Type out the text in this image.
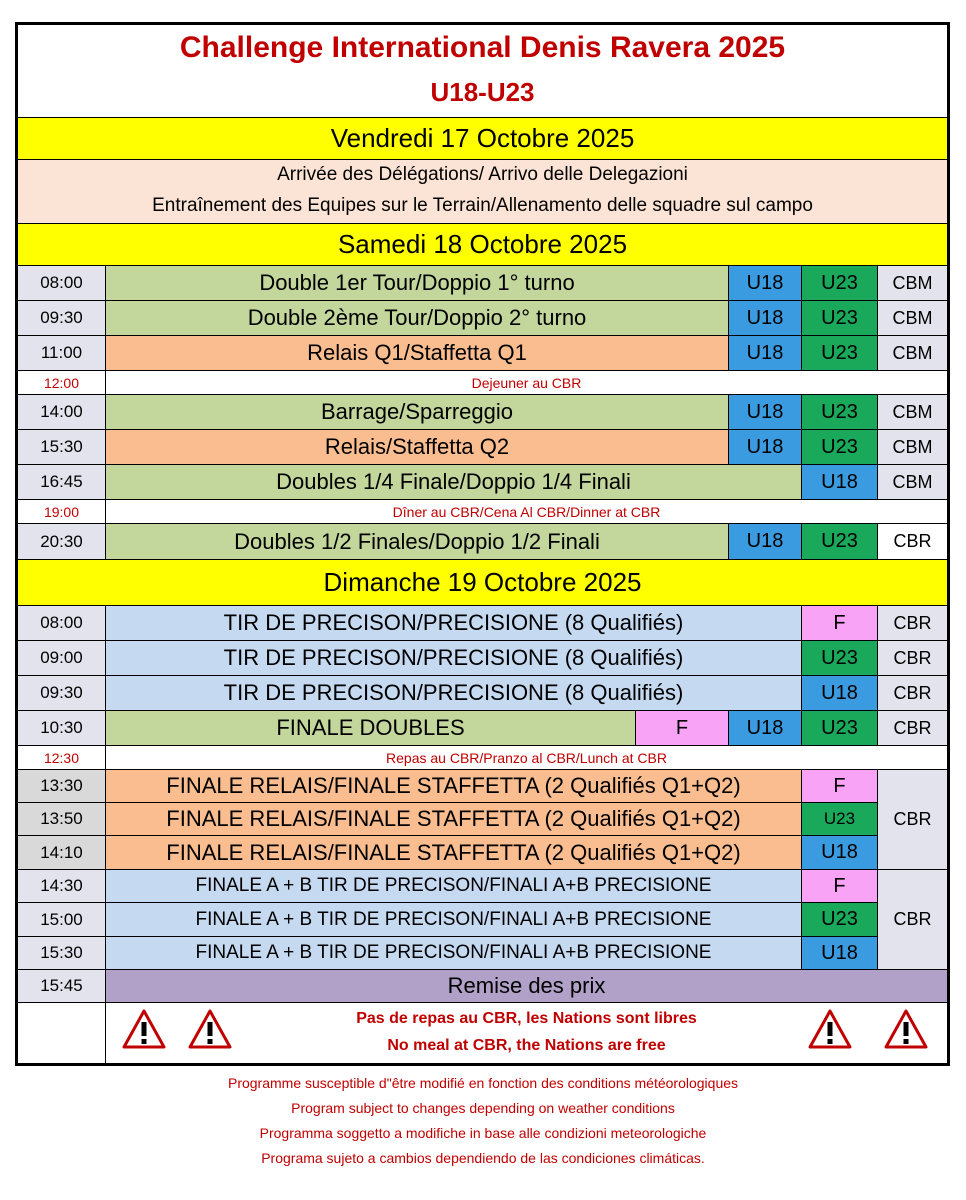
Challenge International Denis Ravera 2025
U18-U23
Vendredi 17 Octobre 2025
Arrivée des Délégations/ Arrivo delle Delegazioni
Entraînement des Equipes sur le Terrain/Allenamento delle squadre sul campo
Samedi 18 Octobre 2025
08:00	Double 1er Tour/Doppio 1° turno	U18	U23	CBM
09:30	Double 2ème Tour/Doppio 2° turno	U18	U23	CBM
11:00	Relais Q1/Staffetta Q1	U18	U23	CBM
12:00	Dejeuner au CBR
14:00	Barrage/Sparreggio	U18	U23	CBM
15:30	Relais/Staffetta Q2	U18	U23	CBM
16:45	Doubles 1/4 Finale/Doppio 1/4 Finali	U18	CBM
19:00	Dîner au CBR/Cena Al CBR/Dinner at CBR
20:30	Doubles 1/2 Finales/Doppio 1/2 Finali	U18	U23	CBR
Dimanche 19 Octobre 2025
08:00	TIR DE PRECISON/PRECISIONE (8 Qualifiés)	F	CBR
09:00	TIR DE PRECISON/PRECISIONE (8 Qualifiés)	U23	CBR
09:30	TIR DE PRECISON/PRECISIONE (8 Qualifiés)	U18	CBR
10:30	FINALE DOUBLES	F	U18	U23	CBR
12:30	Repas au CBR/Pranzo al CBR/Lunch at CBR
13:30	FINALE RELAIS/FINALE STAFFETTA (2 Qualifiés Q1+Q2)	F
13:50	FINALE RELAIS/FINALE STAFFETTA (2 Qualifiés Q1+Q2)	U23
14:10	FINALE RELAIS/FINALE STAFFETTA (2 Qualifiés Q1+Q2)	U18
CBR
14:30	FINALE A + B TIR DE PRECISON/FINALI A+B PRECISIONE	F
15:00	FINALE A + B TIR DE PRECISON/FINALI A+B PRECISIONE	U23
15:30	FINALE A + B TIR DE PRECISON/FINALI A+B PRECISIONE	U18
CBR
15:45	Remise des prix
Pas de repas au CBR, les Nations sont libres
No meal at CBR, the Nations are free
Programme susceptible d"être modifié en fonction des conditions météorologiques
Program subject to changes depending on weather conditions
Programma soggetto a modifiche in base alle condizioni meteorologiche
Programa sujeto a cambios dependiendo de las condiciones climáticas.
